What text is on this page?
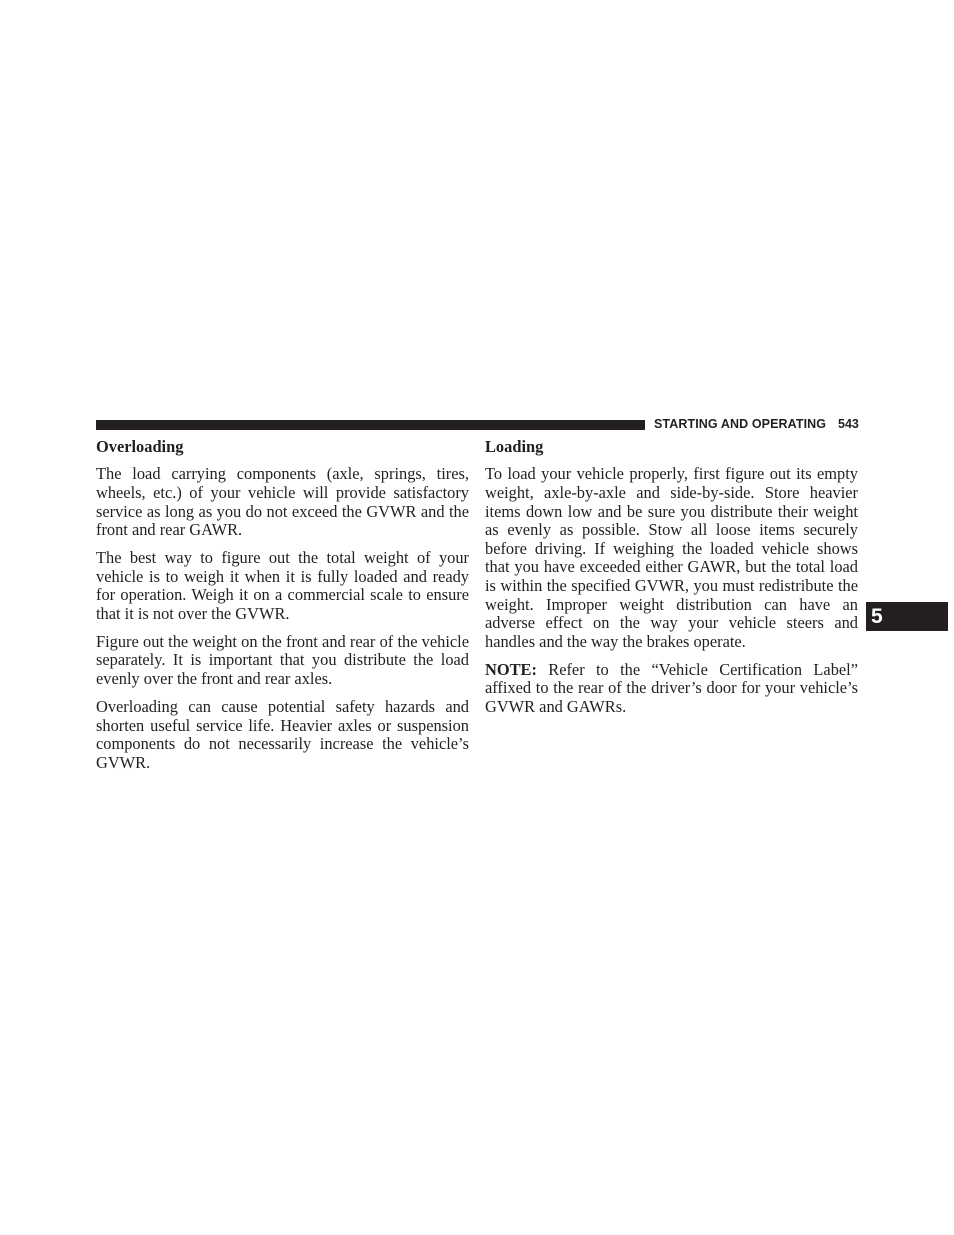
STARTING AND OPERATING 543
5
Overloading

The load carrying components (axle, springs, tires, wheels, etc.) of your vehicle will provide satisfactory service as long as you do not exceed the GVWR and the front and rear GAWR.

The best way to figure out the total weight of your vehicle is to weigh it when it is fully loaded and ready for operation. Weigh it on a commercial scale to ensure that it is not over the GVWR.

Figure out the weight on the front and rear of the vehicle separately. It is important that you distribute the load evenly over the front and rear axles.

Overloading can cause potential safety hazards and shorten useful service life. Heavier axles or suspension components do not necessarily increase the vehicle’s GVWR.

Loading

To load your vehicle properly, first figure out its empty weight, axle-by-axle and side-by-side. Store heavier items down low and be sure you distribute their weight as evenly as possible. Stow all loose items securely before driving. If weighing the loaded vehicle shows that you have exceeded either GAWR, but the total load is within the specified GVWR, you must redistribute the weight. Improper weight distribution can have an adverse effect on the way your vehicle steers and handles and the way the brakes operate.

NOTE: Refer to the “Vehicle Certification Label” affixed to the rear of the driver’s door for your vehicle’s GVWR and GAWRs.
